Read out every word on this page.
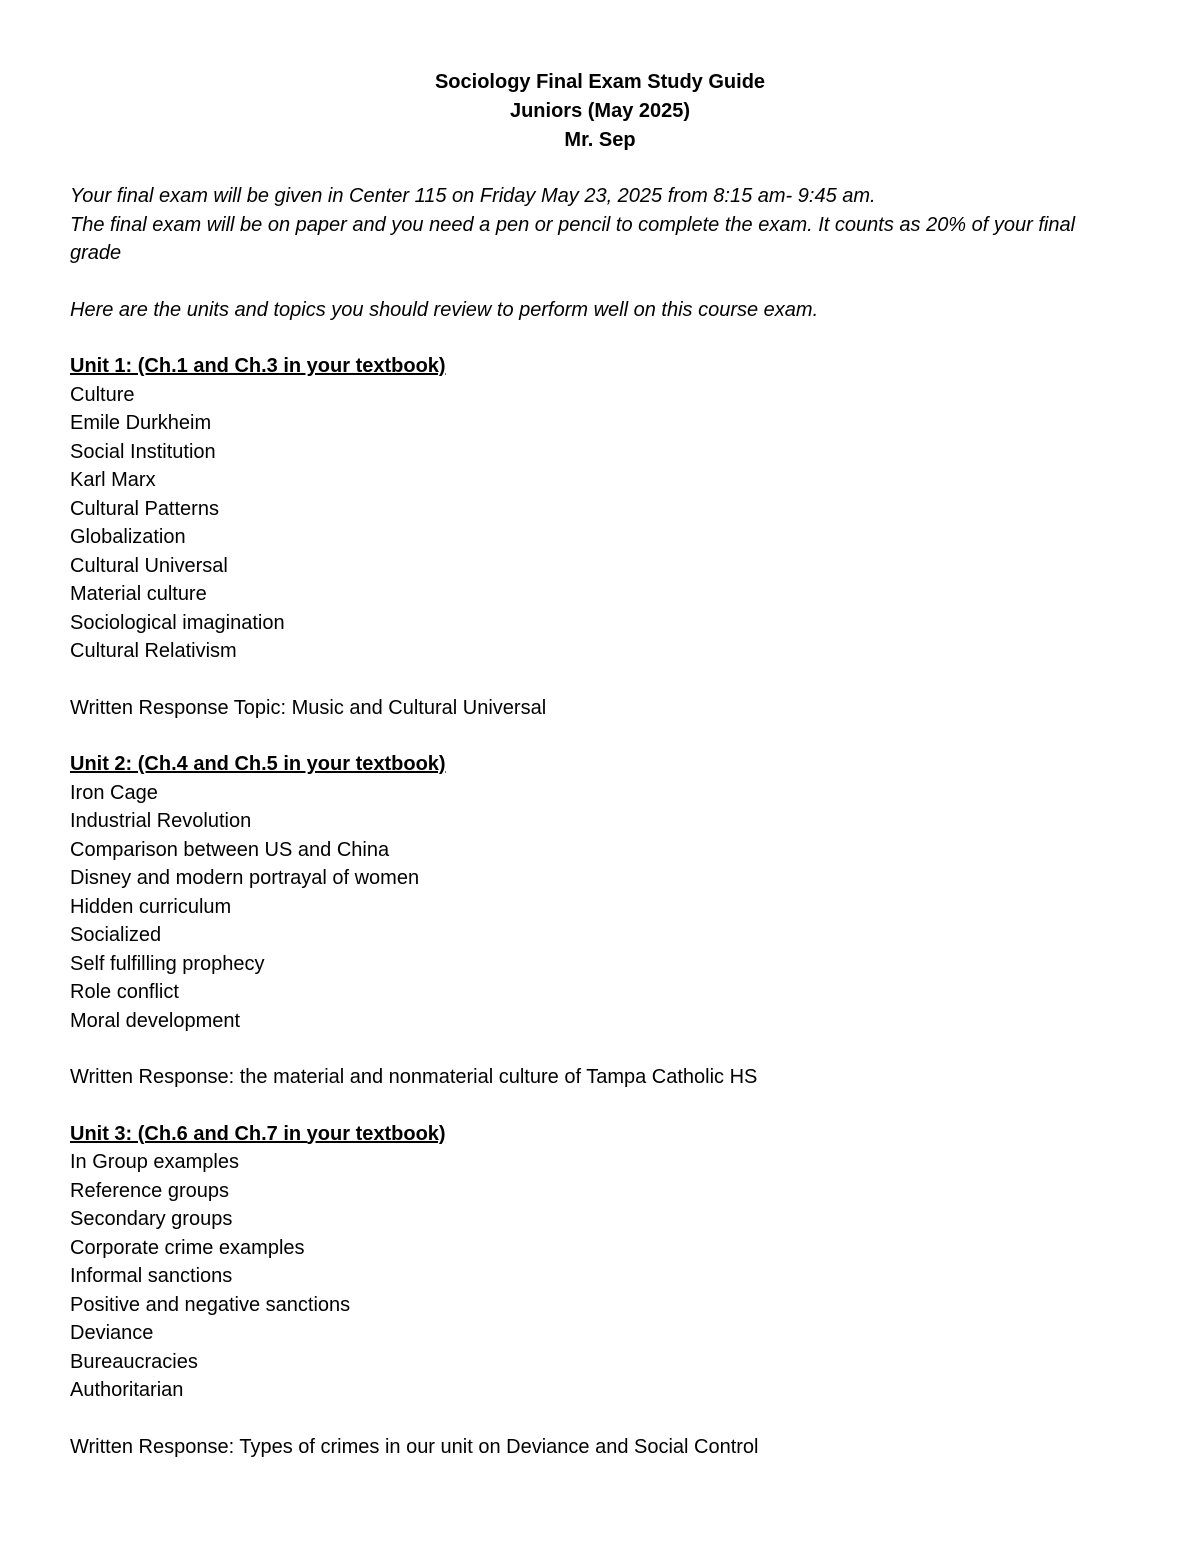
Sociology Final Exam Study Guide
Juniors (May 2025)
Mr. Sep

Your final exam will be given in Center 115 on Friday May 23, 2025 from 8:15 am- 9:45 am.

The final exam will be on paper and you need a pen or pencil to complete the exam. It counts as 20% of your final grade

Here are the units and topics you should review to perform well on this course exam.
Unit 1: (Ch.1 and Ch.3 in your textbook)
Culture
Emile Durkheim
Social Institution
Karl Marx
Cultural Patterns
Globalization
Cultural Universal
Material culture
Sociological imagination
Cultural Relativism
Written Response Topic: Music and Cultural Universal
Unit 2: (Ch.4 and Ch.5 in your textbook)
Iron Cage
Industrial Revolution
Comparison between US and China
Disney and modern portrayal of women
Hidden curriculum
Socialized
Self fulfilling prophecy
Role conflict
Moral development
Written Response: the material and nonmaterial culture of Tampa Catholic HS
Unit 3: (Ch.6 and Ch.7 in your textbook)
In Group examples
Reference groups
Secondary groups
Corporate crime examples
Informal sanctions
Positive and negative sanctions
Deviance
Bureaucracies
Authoritarian
Written Response: Types of crimes in our unit on Deviance and Social Control
